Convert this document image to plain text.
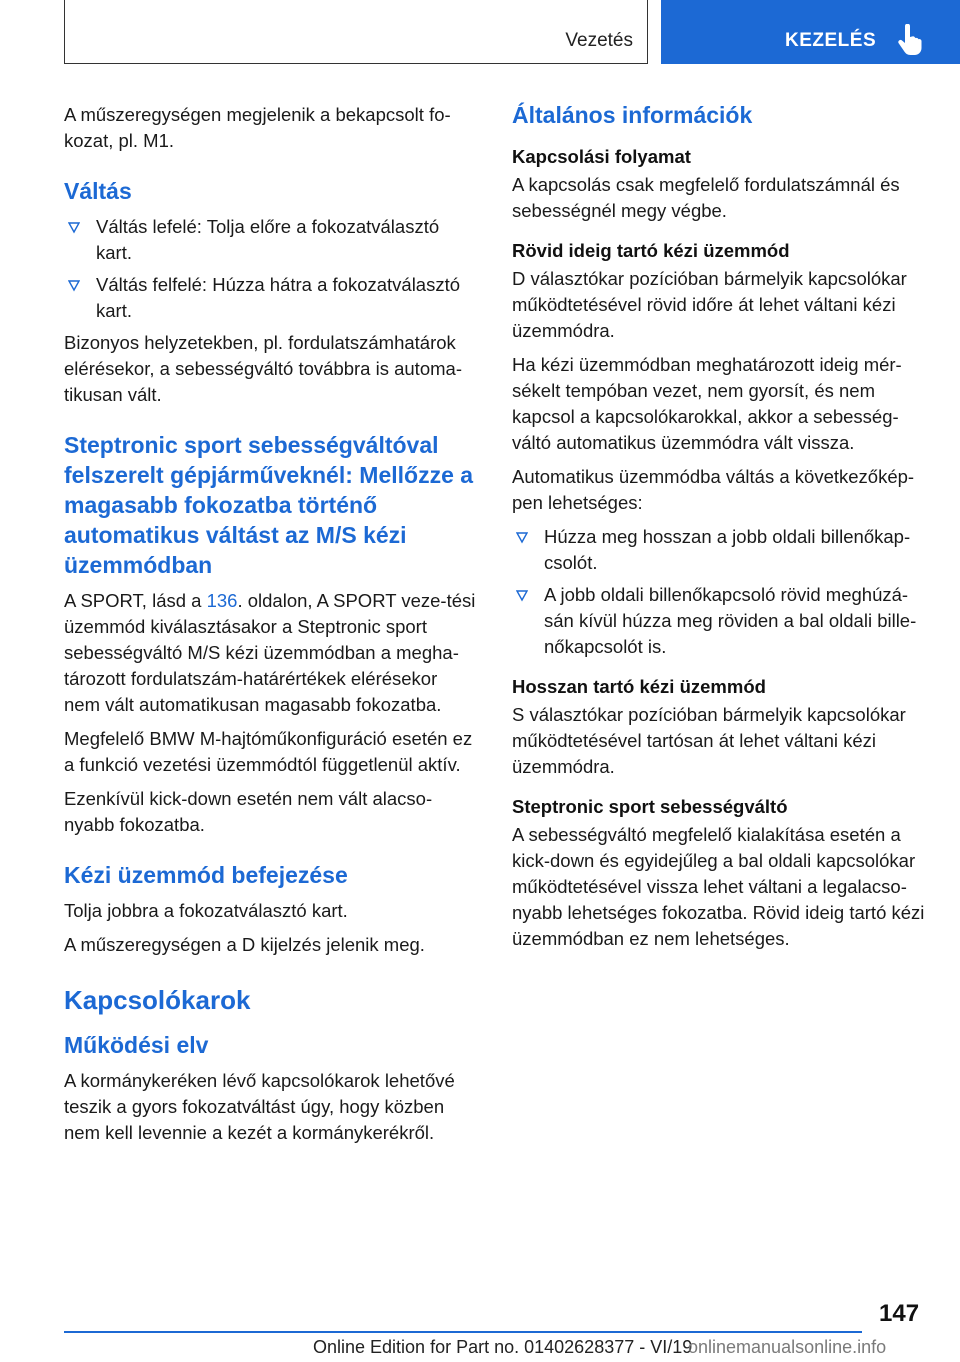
Vezetés	KEZELÉS

A műszeregységen megjelenik a bekapcsolt fo-kozat, pl. M1.

Váltás
Váltás lefelé: Tolja előre a fokozatválasztó kart.
Váltás felfelé: Húzza hátra a fokozatválasztó kart.

Bizonyos helyzetekben, pl. fordulatszámhatárok elérésekor, a sebességváltó továbbra is automa-tikusan vált.

Steptronic sport sebességváltóval felszerelt gépjárműveknél: Mellőzze a magasabb fokozatba történő automatikus váltást az M/S kézi üzemmódban

A SPORT, lásd a 136. oldalon, A SPORT veze-tési üzemmód kiválasztásakor a Steptronic sport sebességváltó M/S kézi üzemmódban a megha-tározott fordulatszám-határértékek elérésekor nem vált automatikusan magasabb fokozatba.

Megfelelő BMW M-hajtóműkonfiguráció esetén ez a funkció vezetési üzemmódtól függetlenül aktív.

Ezenkívül kick-down esetén nem vált alacso-nyabb fokozatba.

Kézi üzemmód befejezése

Tolja jobbra a fokozatválasztó kart.

A műszeregységen a D kijelzés jelenik meg.

Kapcsolókarok
Működési elv

A kormánykeréken lévő kapcsolókarok lehetővé teszik a gyors fokozatváltást úgy, hogy közben nem kell levennie a kezét a kormánykerékről.

Általános információk
Kapcsolási folyamat

A kapcsolás csak megfelelő fordulatszámnál és sebességnél megy végbe.

Rövid ideig tartó kézi üzemmód

D választókar pozícióban bármelyik kapcsolókar működtetésével rövid időre át lehet váltani kézi üzemmódra.

Ha kézi üzemmódban meghatározott ideig mér-sékelt tempóban vezet, nem gyorsít, és nem kapcsol a kapcsolókarokkal, akkor a sebesség-váltó automatikus üzemmódra vált vissza.

Automatikus üzemmódba váltás a következőkép-pen lehetséges:

Húzza meg hosszan a jobb oldali billenőkap-csolót.
A jobb oldali billenőkapcsoló rövid meghúzá-sán kívül húzza meg röviden a bal oldali bille-nőkapcsolót is.
Hosszan tartó kézi üzemmód

S választókar pozícióban bármelyik kapcsolókar működtetésével tartósan át lehet váltani kézi üzemmódra.

Steptronic sport sebességváltó

A sebességváltó megfelelő kialakítása esetén a kick-down és egyidejűleg a bal oldali kapcsolókar működtetésével vissza lehet váltani a legalacso-nyabb lehetséges fokozatba. Rövid ideig tartó kézi üzemmódban ez nem lehetséges.

147
Online Edition for Part no. 01402628377 - VI/19
onlinemanualsonline.info
